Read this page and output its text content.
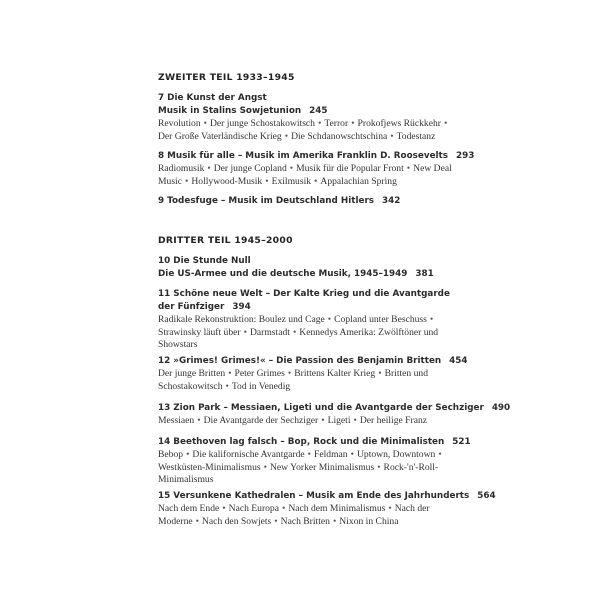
ZWEITER TEIL 1933–1945
7 Die Kunst der Angst
Musik in Stalins Sowjetunion 245
Revolution • Der junge Schostakowitsch • Terror • Prokofjews Rückkehr •
Der Große Vaterländische Krieg • Die Schdanowschtschina • Todestanz
8 Musik für alle – Musik im Amerika Franklin D. Roosevelts 293
Radiomusik • Der junge Copland • Musik für die Popular Front • New Deal
Music • Hollywood-Musik • Exilmusik • Appalachian Spring
9 Todesfuge – Musik im Deutschland Hitlers 342
DRITTER TEIL 1945–2000
10 Die Stunde Null
Die US-Armee und die deutsche Musik, 1945–1949 381
11 Schöne neue Welt – Der Kalte Krieg und die Avantgarde
der Fünfziger 394
Radikale Rekonstruktion: Boulez und Cage • Copland unter Beschuss •
Strawinsky läuft über • Darmstadt • Kennedys Amerika: Zwölftöner und
Showstars
12 »Grimes! Grimes!« – Die Passion des Benjamin Britten 454
Der junge Britten • Peter Grimes • Brittens Kalter Krieg • Britten und
Schostakowitsch • Tod in Venedig
13 Zion Park – Messiaen, Ligeti und die Avantgarde der Sechziger 490
Messiaen • Die Avantgarde der Sechziger • Ligeti • Der heilige Franz
14 Beethoven lag falsch – Bop, Rock und die Minimalisten 521
Bebop • Die kalifornische Avantgarde • Feldman • Uptown, Downtown •
Westküsten-Minimalismus • New Yorker Minimalismus • Rock-'n'-Roll-
Minimalismus
15 Versunkene Kathedralen – Musik am Ende des Jahrhunderts 564
Nach dem Ende • Nach Europa • Nach dem Minimalismus • Nach der
Moderne • Nach den Sowjets • Nach Britten • Nixon in China
